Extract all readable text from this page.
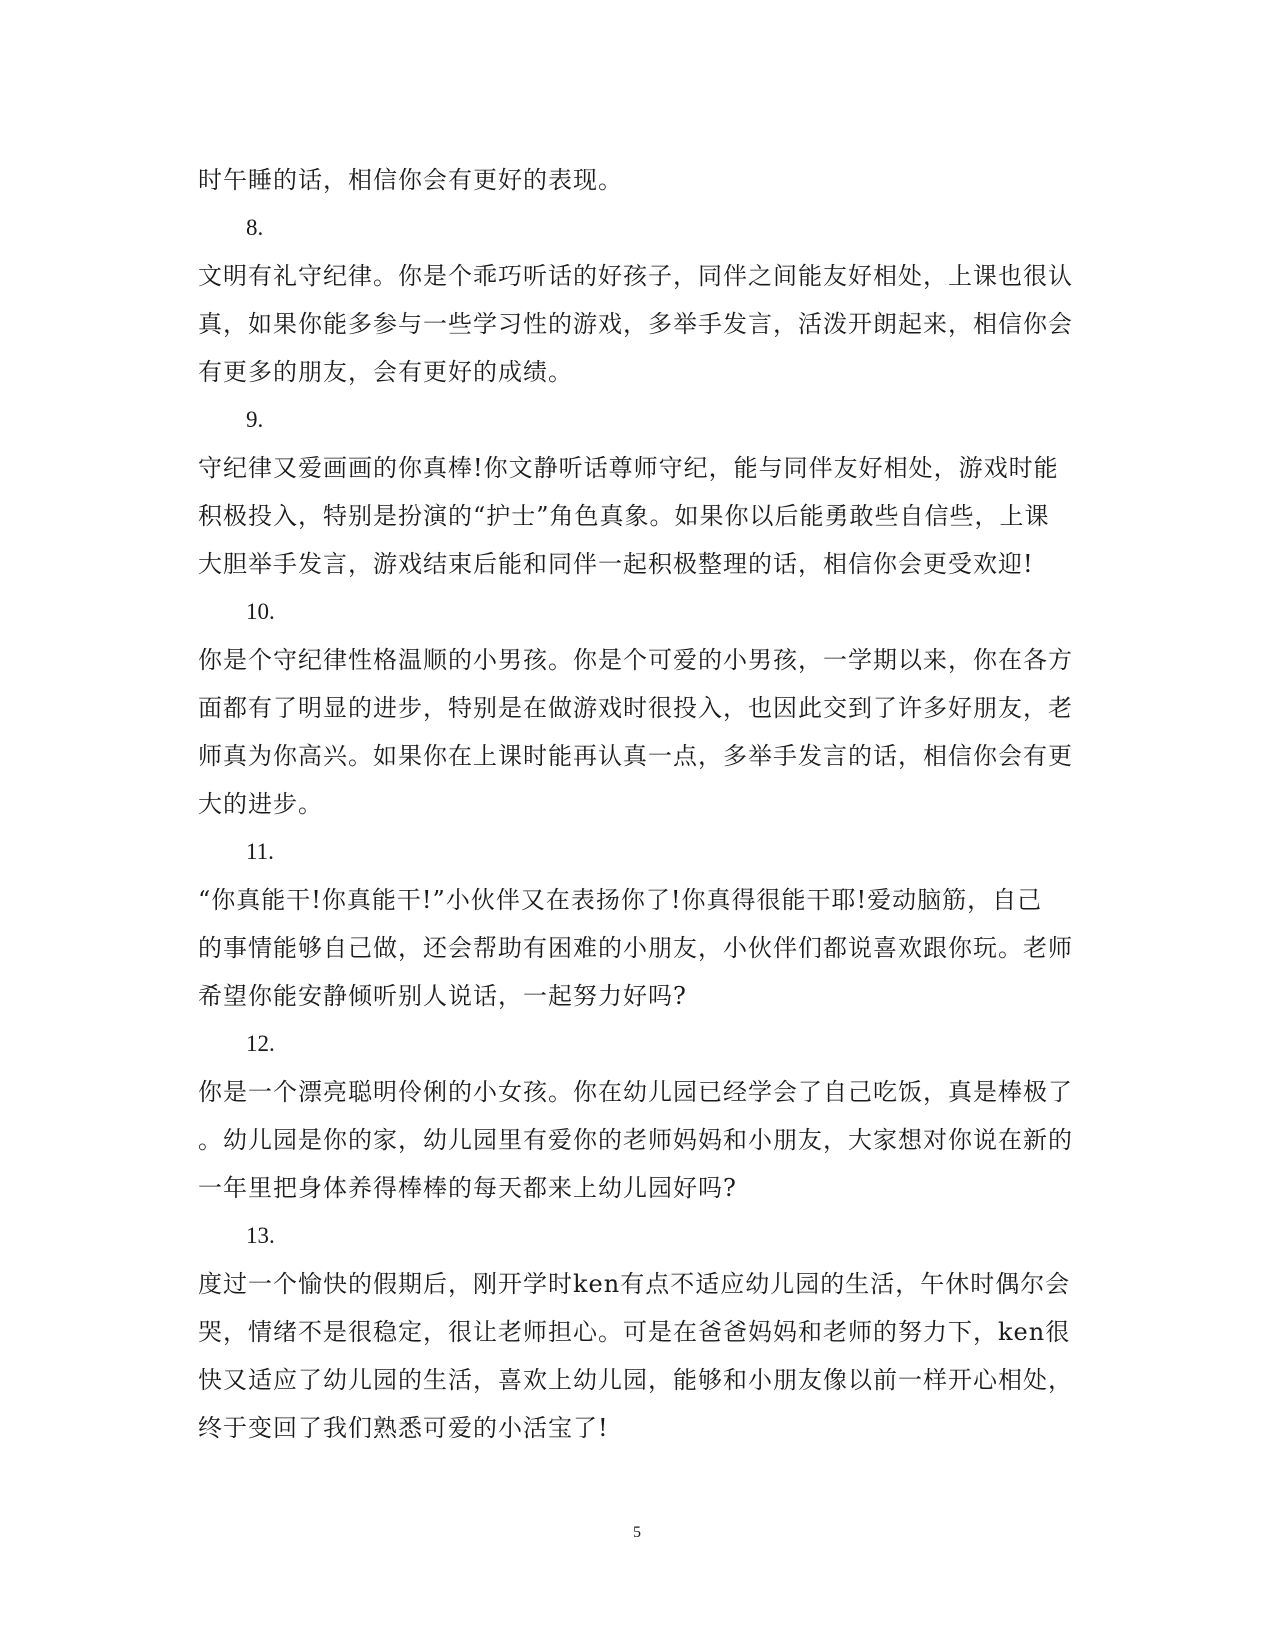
时午睡的话，相信你会有更好的表现。
8.
文明有礼守纪律。你是个乖巧听话的好孩子，同伴之间能友好相处，上课也很认
真，如果你能多参与一些学习性的游戏，多举手发言，活泼开朗起来，相信你会
有更多的朋友，会有更好的成绩。
9.
守纪律又爱画画的你真棒!你文静听话尊师守纪，能与同伴友好相处，游戏时能
积极投入，特别是扮演的“护士”角色真象。如果你以后能勇敢些自信些，上课
大胆举手发言，游戏结束后能和同伴一起积极整理的话，相信你会更受欢迎!
10.
你是个守纪律性格温顺的小男孩。你是个可爱的小男孩，一学期以来，你在各方
面都有了明显的进步，特别是在做游戏时很投入，也因此交到了许多好朋友，老
师真为你高兴。如果你在上课时能再认真一点，多举手发言的话，相信你会有更
大的进步。
11.
“你真能干!你真能干!”小伙伴又在表扬你了!你真得很能干耶!爱动脑筋，自己
的事情能够自己做，还会帮助有困难的小朋友，小伙伴们都说喜欢跟你玩。老师
希望你能安静倾听别人说话，一起努力好吗?
12.
你是一个漂亮聪明伶俐的小女孩。你在幼儿园已经学会了自己吃饭，真是棒极了
。幼儿园是你的家，幼儿园里有爱你的老师妈妈和小朋友，大家想对你说在新的
一年里把身体养得棒棒的每天都来上幼儿园好吗?
13.
度过一个愉快的假期后，刚开学时ken有点不适应幼儿园的生活，午休时偶尔会
哭，情绪不是很稳定，很让老师担心。可是在爸爸妈妈和老师的努力下，ken很
快又适应了幼儿园的生活，喜欢上幼儿园，能够和小朋友像以前一样开心相处，
终于变回了我们熟悉可爱的小活宝了!
5
